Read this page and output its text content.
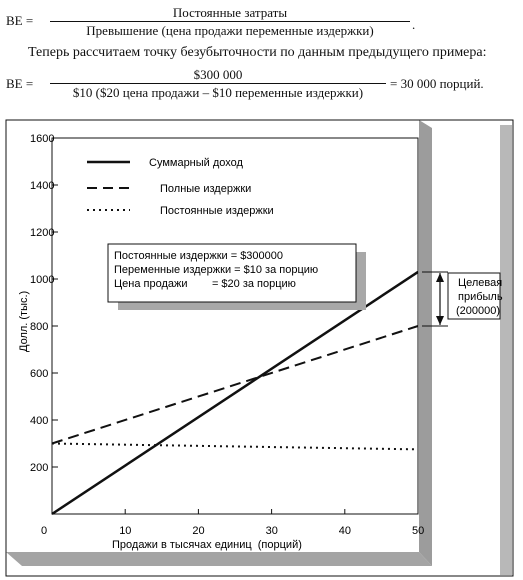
BE =
Постоянные затраты
Превышение (цена продажи переменные издержки)	.
Теперь рассчитаем точку безубыточности по данным предыдущего примера:
BE =
$300 000
$10 ($20 цена продажи – $10 переменные издержки)
= 30 000 порций.
200
400
600
800
1000
1200
1400
1600
0	10	20	30	40	50
Суммарный доход
Полные издержки
Постоянные издержки
Постоянные издержки = $300000
Переменные издержки = $10 за порцию
Цена продажи        = $20 за порцию	Целевая
прибыль
(200000)
Продажи в тысячах единиц  (порций)
Долл. (тыс.)
